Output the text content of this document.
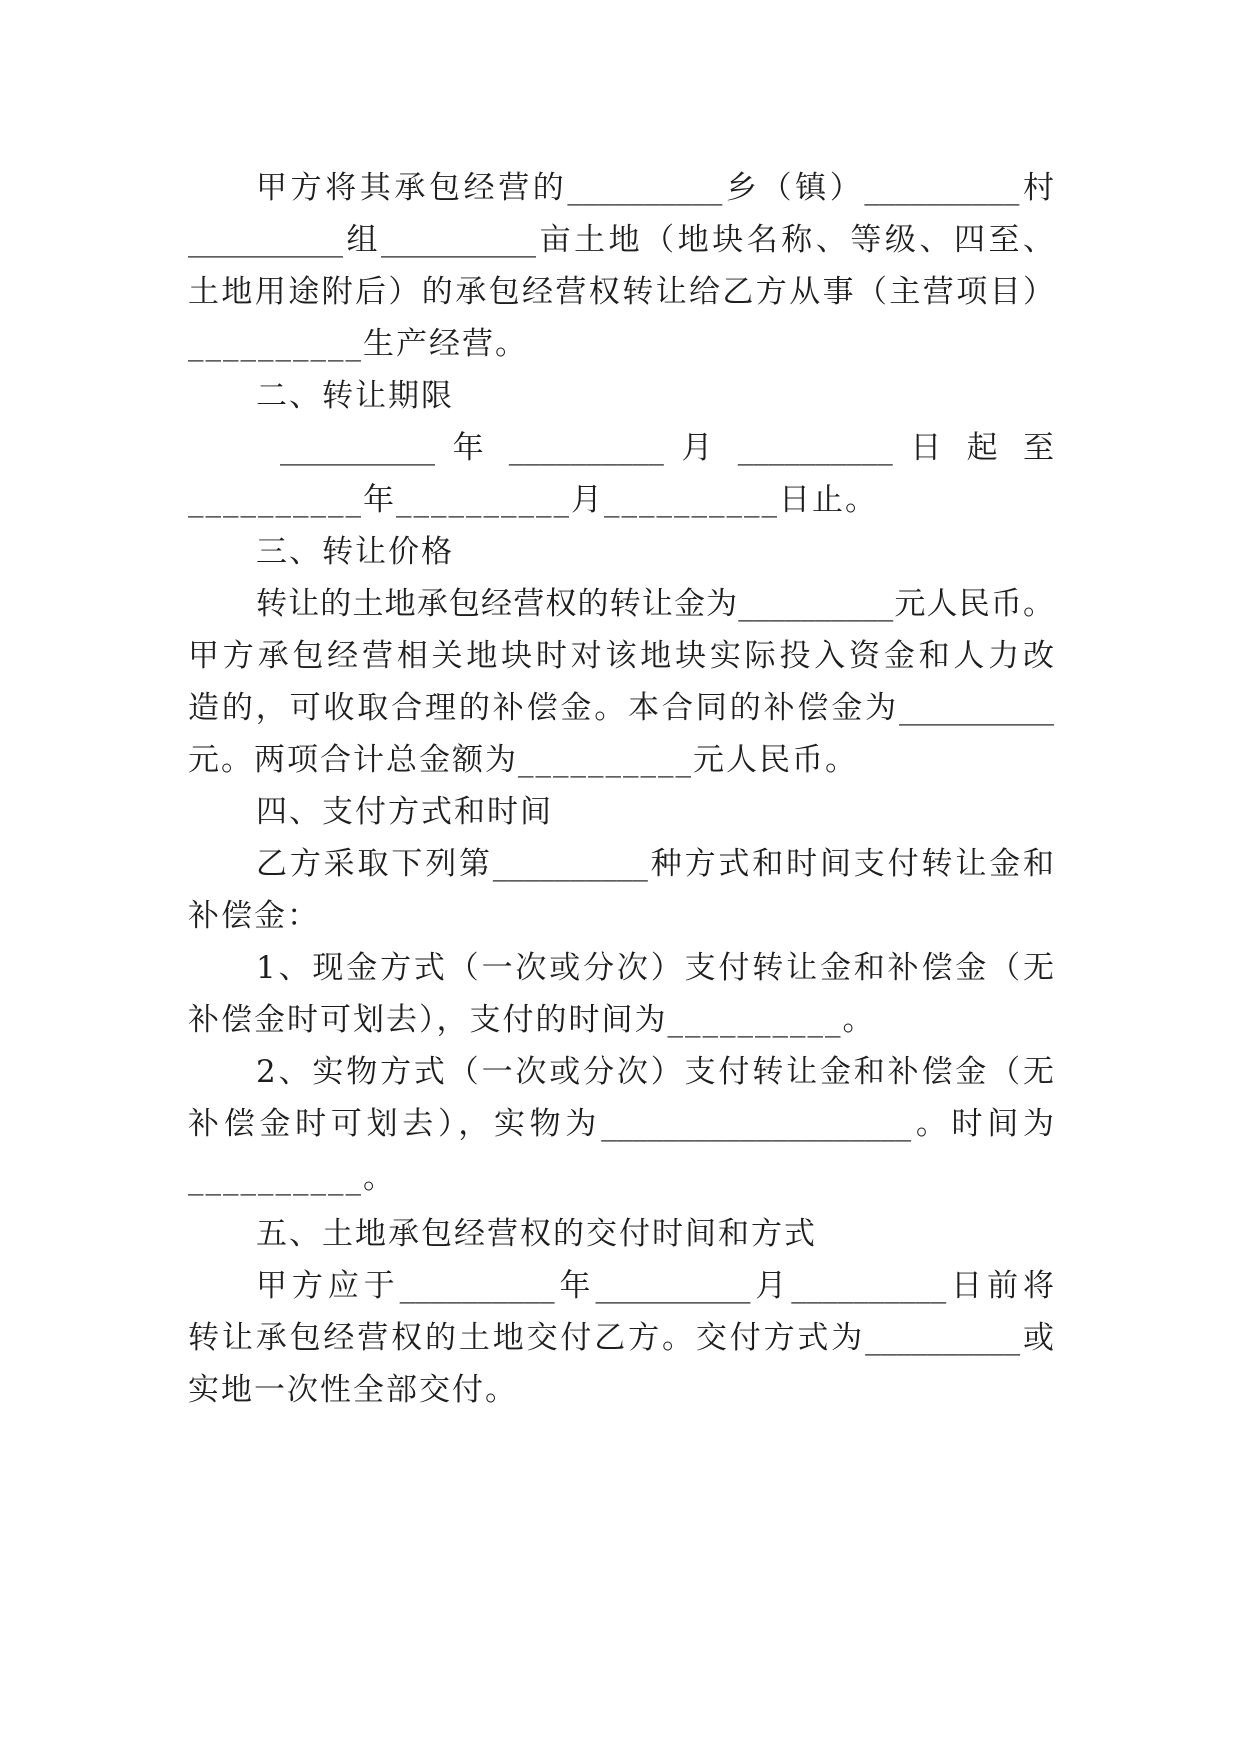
甲方将其承包经营的__________乡（镇）__________村
__________组__________亩土地（地块名称、等级、四至、
土地用途附后）的承包经营权转让给乙方从事（主营项目）
__________生产经营。
二、转让期限
__________ 年 __________ 月 __________ 日 起 至
__________年__________月__________日止。
三、转让价格
转让的土地承包经营权的转让金为__________元人民币。
甲方承包经营相关地块时对该地块实际投入资金和人力改
造的，可收取合理的补偿金。本合同的补偿金为__________
元。两项合计总金额为__________元人民币。
四、支付方式和时间
乙方采取下列第__________种方式和时间支付转让金和
补偿金：
1、现金方式（一次或分次）支付转让金和补偿金（无
补偿金时可划去），支付的时间为__________。
2、实物方式（一次或分次）支付转让金和补偿金（无
补偿金时可划去），实物为____________________。时间为
__________。
五、土地承包经营权的交付时间和方式
甲方应于__________年__________月__________日前将
转让承包经营权的土地交付乙方。交付方式为__________或
实地一次性全部交付。
